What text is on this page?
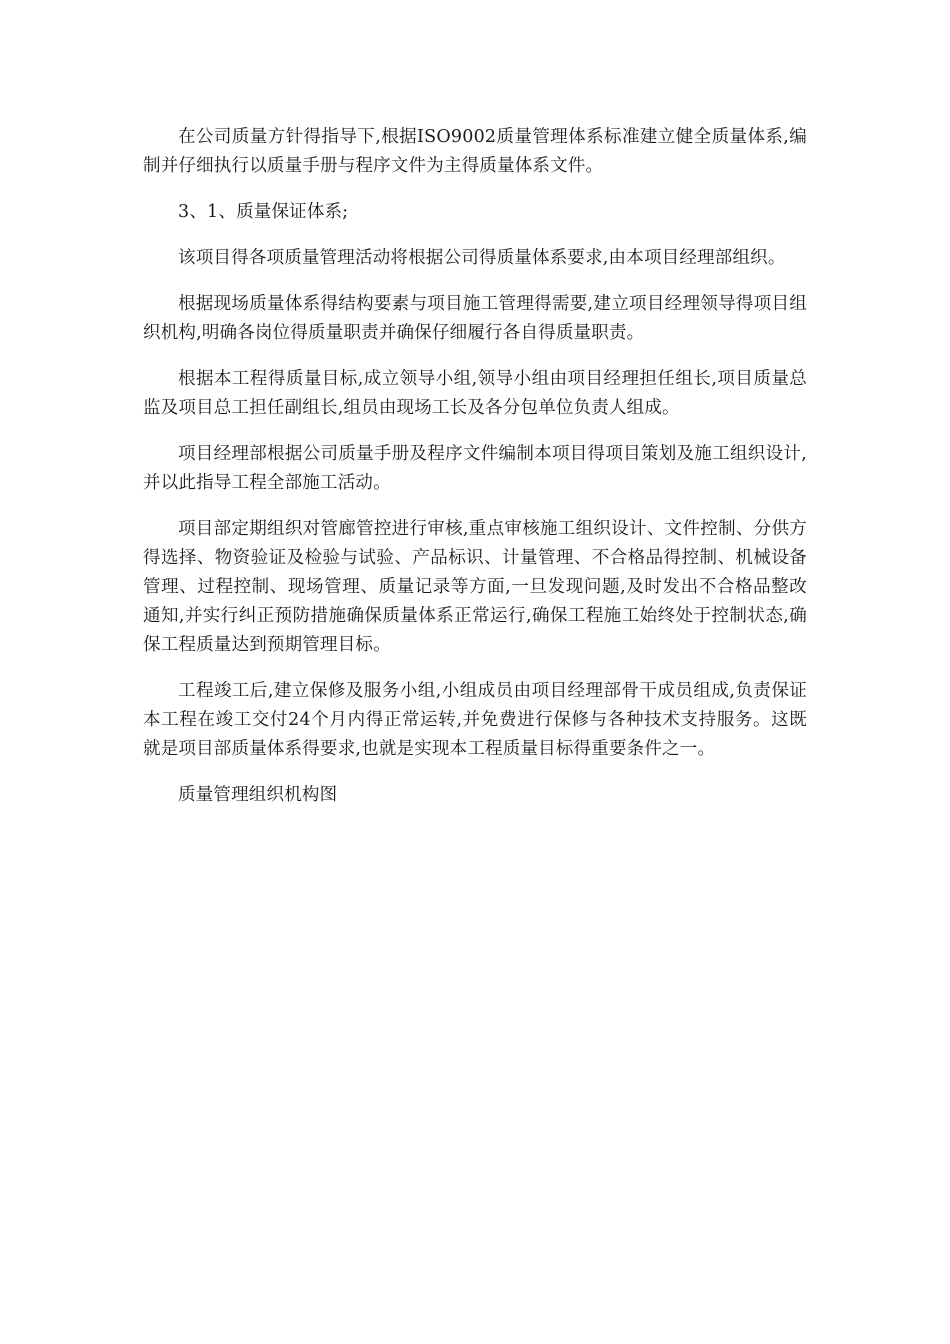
在公司质量方针得指导下,根据ISO9002质量管理体系标准建立健全质量体系,编制并仔细执行以质量手册与程序文件为主得质量体系文件。

3、1、质量保证体系;

该项目得各项质量管理活动将根据公司得质量体系要求,由本项目经理部组织。

根据现场质量体系得结构要素与项目施工管理得需要,建立项目经理领导得项目组织机构,明确各岗位得质量职责并确保仔细履行各自得质量职责。

根据本工程得质量目标,成立领导小组,领导小组由项目经理担任组长,项目质量总监及项目总工担任副组长,组员由现场工长及各分包单位负责人组成。

项目经理部根据公司质量手册及程序文件编制本项目得项目策划及施工组织设计,并以此指导工程全部施工活动。

项目部定期组织对管廊管控进行审核,重点审核施工组织设计、文件控制、分供方得选择、物资验证及检验与试验、产品标识、计量管理、不合格品得控制、机械设备管理、过程控制、现场管理、质量记录等方面,一旦发现问题,及时发出不合格品整改通知,并实行纠正预防措施确保质量体系正常运行,确保工程施工始终处于控制状态,确保工程质量达到预期管理目标。

工程竣工后,建立保修及服务小组,小组成员由项目经理部骨干成员组成,负责保证本工程在竣工交付24个月内得正常运转,并免费进行保修与各种技术支持服务。这既就是项目部质量体系得要求,也就是实现本工程质量目标得重要条件之一。

质量管理组织机构图
